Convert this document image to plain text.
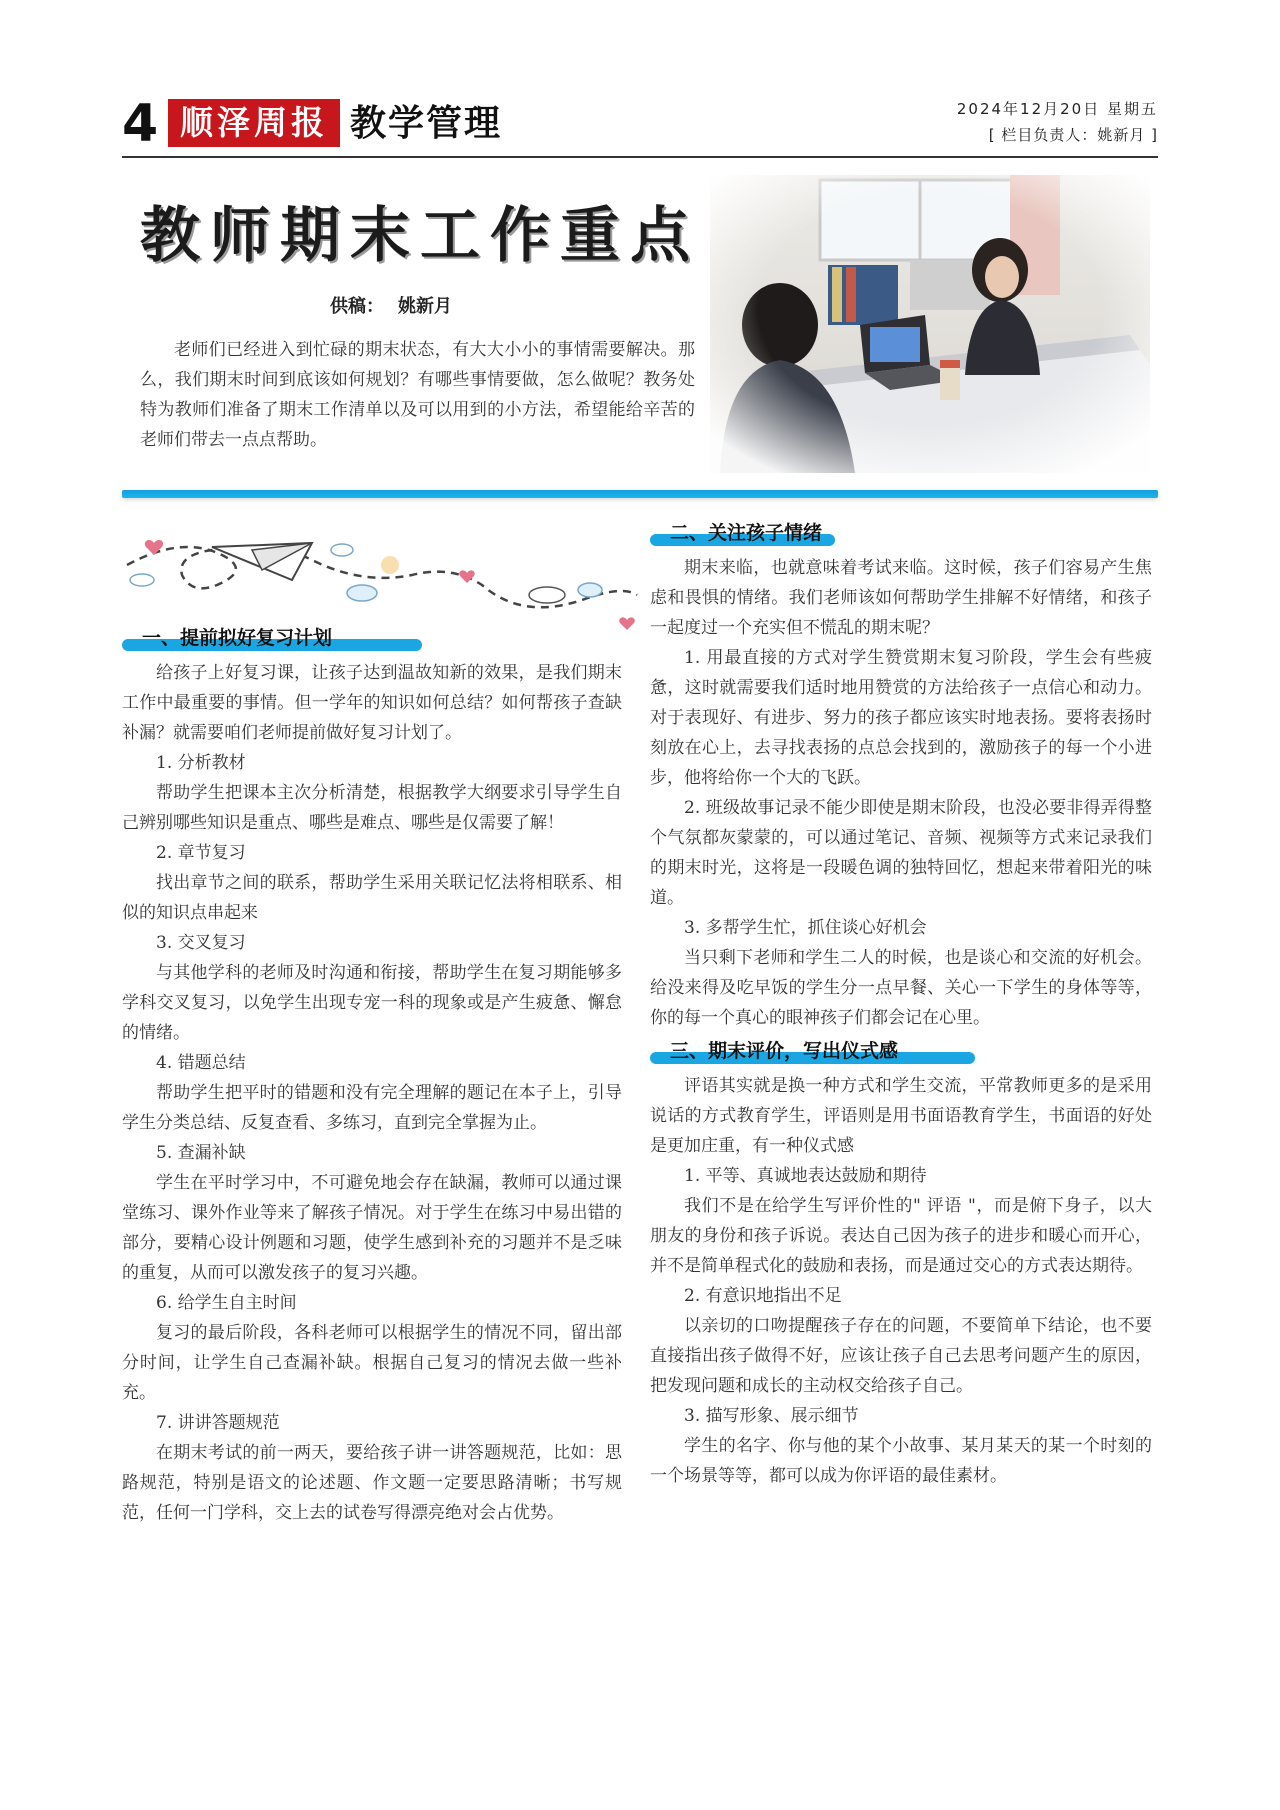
4 顺泽周报 教学管理	2024年12月20日 星期五
[ 栏目负责人：姚新月 ]
教师期末工作重点
供稿： 姚新月
老师们已经进入到忙碌的期末状态，有大大小小的事情需要解决。那么，我们期末时间到底该如何规划？有哪些事情要做，怎么做呢？教务处特为教师们准备了期末工作清单以及可以用到的小方法，希望能给辛苦的老师们带去一点点帮助。
一、提前拟好复习计划

给孩子上好复习课，让孩子达到温故知新的效果，是我们期末工作中最重要的事情。但一学年的知识如何总结？如何帮孩子查缺补漏？就需要咱们老师提前做好复习计划了。

1. 分析教材

帮助学生把课本主次分析清楚，根据教学大纲要求引导学生自己辨别哪些知识是重点、哪些是难点、哪些是仅需要了解！

2. 章节复习

找出章节之间的联系，帮助学生采用关联记忆法将相联系、相似的知识点串起来

3. 交叉复习

与其他学科的老师及时沟通和衔接，帮助学生在复习期能够多学科交叉复习，以免学生出现专宠一科的现象或是产生疲惫、懈怠的情绪。

4. 错题总结

帮助学生把平时的错题和没有完全理解的题记在本子上，引导学生分类总结、反复查看、多练习，直到完全掌握为止。

5. 查漏补缺

学生在平时学习中，不可避免地会存在缺漏，教师可以通过课堂练习、课外作业等来了解孩子情况。对于学生在练习中易出错的部分，要精心设计例题和习题，使学生感到补充的习题并不是乏味的重复，从而可以激发孩子的复习兴趣。

6. 给学生自主时间

复习的最后阶段，各科老师可以根据学生的情况不同，留出部分时间，让学生自己查漏补缺。根据自己复习的情况去做一些补充。

7. 讲讲答题规范

在期末考试的前一两天，要给孩子讲一讲答题规范，比如：思路规范，特别是语文的论述题、作文题一定要思路清晰；书写规范，任何一门学科，交上去的试卷写得漂亮绝对会占优势。

二、关注孩子情绪

期末来临，也就意味着考试来临。这时候，孩子们容易产生焦虑和畏惧的情绪。我们老师该如何帮助学生排解不好情绪，和孩子一起度过一个充实但不慌乱的期末呢？

1. 用最直接的方式对学生赞赏期末复习阶段，学生会有些疲惫，这时就需要我们适时地用赞赏的方法给孩子一点信心和动力。对于表现好、有进步、努力的孩子都应该实时地表扬。要将表扬时刻放在心上，去寻找表扬的点总会找到的，激励孩子的每一个小进步，他将给你一个大的飞跃。

2. 班级故事记录不能少即使是期末阶段，也没必要非得弄得整个气氛都灰蒙蒙的，可以通过笔记、音频、视频等方式来记录我们的期末时光，这将是一段暖色调的独特回忆，想起来带着阳光的味道。

3. 多帮学生忙，抓住谈心好机会

当只剩下老师和学生二人的时候，也是谈心和交流的好机会。给没来得及吃早饭的学生分一点早餐、关心一下学生的身体等等，你的每一个真心的眼神孩子们都会记在心里。

三、期末评价，写出仪式感

评语其实就是换一种方式和学生交流，平常教师更多的是采用说话的方式教育学生，评语则是用书面语教育学生，书面语的好处是更加庄重，有一种仪式感

1. 平等、真诚地表达鼓励和期待

我们不是在给学生写评价性的" 评语 "，而是俯下身子，以大朋友的身份和孩子诉说。表达自己因为孩子的进步和暖心而开心，并不是简单程式化的鼓励和表扬，而是通过交心的方式表达期待。

2. 有意识地指出不足

以亲切的口吻提醒孩子存在的问题，不要简单下结论，也不要直接指出孩子做得不好，应该让孩子自己去思考问题产生的原因，把发现问题和成长的主动权交给孩子自己。

3. 描写形象、展示细节

学生的名字、你与他的某个小故事、某月某天的某一个时刻的一个场景等等，都可以成为你评语的最佳素材。
